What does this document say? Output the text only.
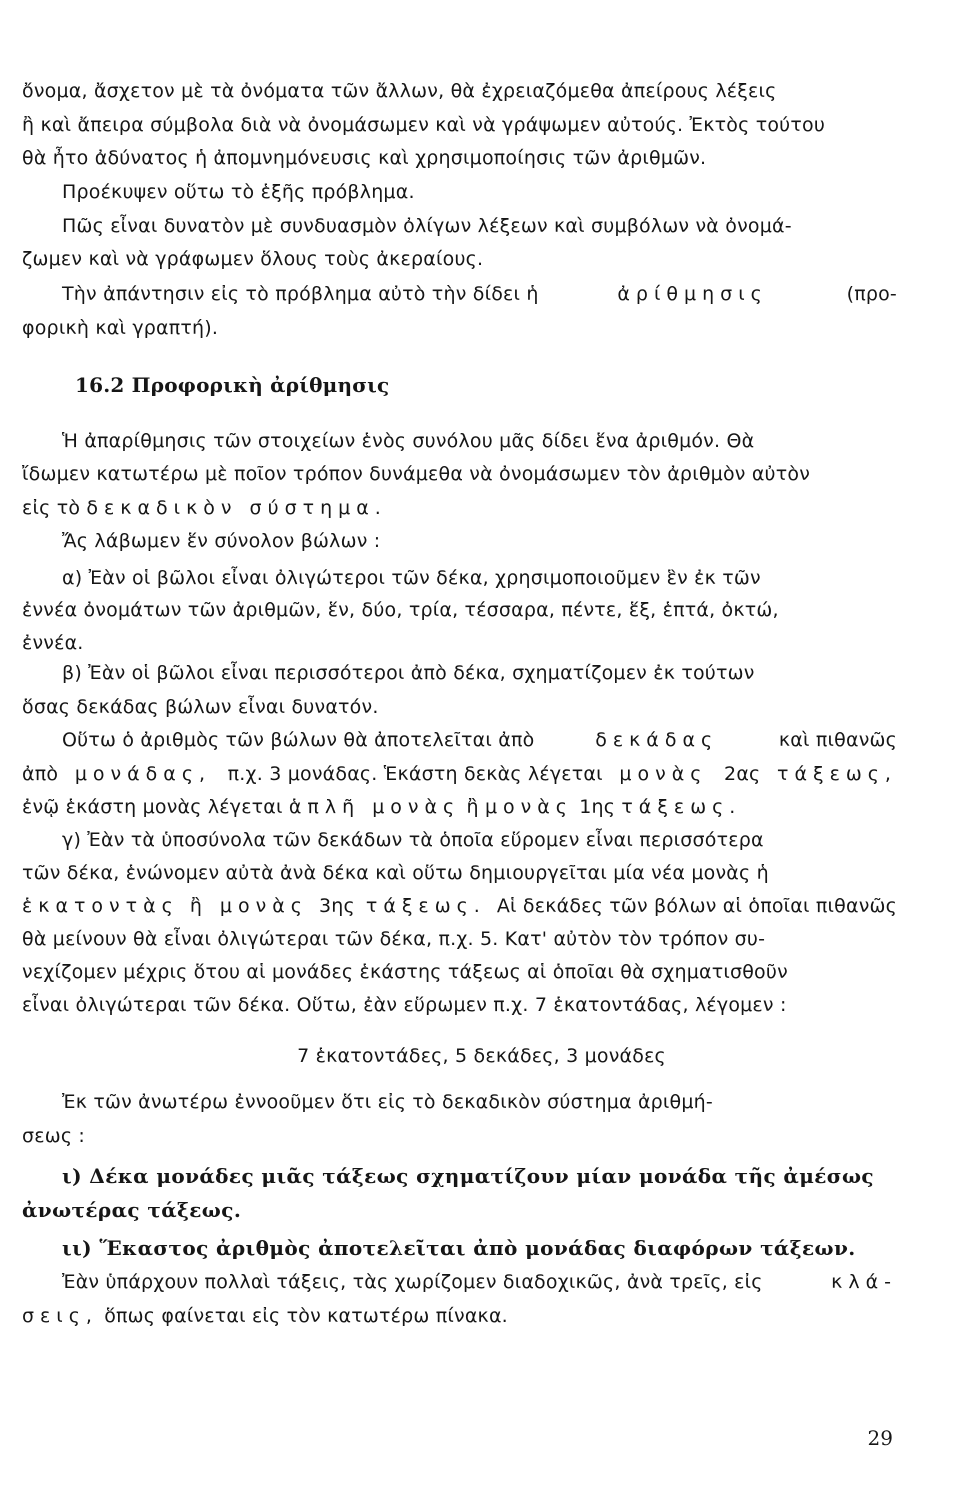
ὄνομα, ἄσχετον μὲ τὰ ὀνόματα τῶν ἄλλων, θὰ ἐχρειαζόμεθα ἀπείρους λέξεις
ἢ καὶ ἄπειρα σύμβολα διὰ νὰ ὀνομάσωμεν καὶ νὰ γράψωμεν αὐτούς. Ἐκτὸς τούτου
θὰ ἦτο ἀδύνατος ἡ ἀπομνημόνευσις καὶ χρησιμοποίησις τῶν ἀριθμῶν.
Προέκυψεν οὕτω τὸ ἑξῆς πρόβλημα.
Πῶς εἶναι δυνατὸν μὲ συνδυασμὸν ὀλίγων λέξεων καὶ συμβόλων νὰ ὀνομά-
ζωμεν καὶ νὰ γράφωμεν ὅλους τοὺς ἀκεραίους.
Τὴν ἀπάντησιν εἰς τὸ πρόβλημα αὐτὸ τὴν δίδει ἡ	ἀρίθμησις	(προ-
φορικὴ καὶ γραπτή).
16.2 Προφορικὴ ἀρίθμησις
Ἡ ἀπαρίθμησις τῶν στοιχείων ἑνὸς συνόλου μᾶς δίδει ἕνα ἀριθμόν. Θὰ
ἴδωμεν κατωτέρω μὲ ποῖον τρόπον δυνάμεθα νὰ ὀνομάσωμεν τὸν ἀριθμὸν αὐτὸν
εἰς τὸ δεκαδικὸν σύστημα.
Ἄς λάβωμεν ἕν σύνολον βώλων :
α) Ἐὰν οἱ βῶλοι εἶναι ὀλιγώτεροι τῶν δέκα, χρησιμοποιοῦμεν ἓν ἐκ τῶν
ἐννέα ὀνομάτων τῶν ἀριθμῶν, ἕν, δύο, τρία, τέσσαρα, πέντε, ἕξ, ἑπτά, ὀκτώ,
ἐννέα.
β) Ἐὰν οἱ βῶλοι εἶναι περισσότεροι ἀπὸ δέκα, σχηματίζομεν ἐκ τούτων
ὅσας δεκάδας βώλων εἶναι δυνατόν.
Οὕτω ὁ ἀριθμὸς τῶν βώλων θὰ ἀποτελεῖται ἀπὸ	δεκάδας	καὶ πιθανῶς
ἀπὸ μονάδας, π.χ. 3 μονάδας. Ἑκάστη δεκὰς λέγεται μονὰς 2ας τάξεως,
ἐνῷ ἑκάστη μονὰς λέγεται ἁπλῆ μονὰς ἢ μονὰς 1ης τάξεως.
γ) Ἐὰν τὰ ὑποσύνολα τῶν δεκάδων τὰ ὁποῖα εὕρομεν εἶναι περισσότερα
τῶν δέκα, ἑνώνομεν αὐτὰ ἀνὰ δέκα καὶ οὕτω δημιουργεῖται μία νέα μονὰς ἡ
ἑκατοντὰς ἢ μονὰς 3ης τάξεως. Αἱ δεκάδες τῶν βόλων αἱ ὁποῖαι πιθανῶς
θὰ μείνουν θὰ εἶναι ὀλιγώτεραι τῶν δέκα, π.χ. 5. Κατ' αὐτὸν τὸν τρόπον συ-
νεχίζομεν μέχρις ὅτου αἱ μονάδες ἑκάστης τάξεως αἱ ὁποῖαι θὰ σχηματισθοῦν
εἶναι ὀλιγώτεραι τῶν δέκα. Οὕτω, ἐὰν εὕρωμεν π.χ. 7 ἑκατοντάδας, λέγομεν :
7 ἑκατοντάδες, 5 δεκάδες, 3 μονάδες
Ἐκ τῶν ἀνωτέρω ἐννοοῦμεν ὅτι εἰς τὸ δεκαδικὸν σύστημα ἀριθμή-
σεως :
ι) Δέκα μονάδες μιᾶς τάξεως σχηματίζουν μίαν μονάδα τῆς ἀμέσως
ἀνωτέρας τάξεως.
ιι) Ἕκαστος ἀριθμὸς ἀποτελεῖται ἀπὸ μονάδας διαφόρων τάξεων.
Ἐὰν ὑπάρχουν πολλαὶ τάξεις, τὰς χωρίζομεν διαδοχικῶς, ἀνὰ τρεῖς, εἰς	κλά-
σεις, ὅπως φαίνεται εἰς τὸν κατωτέρω πίνακα.
29
